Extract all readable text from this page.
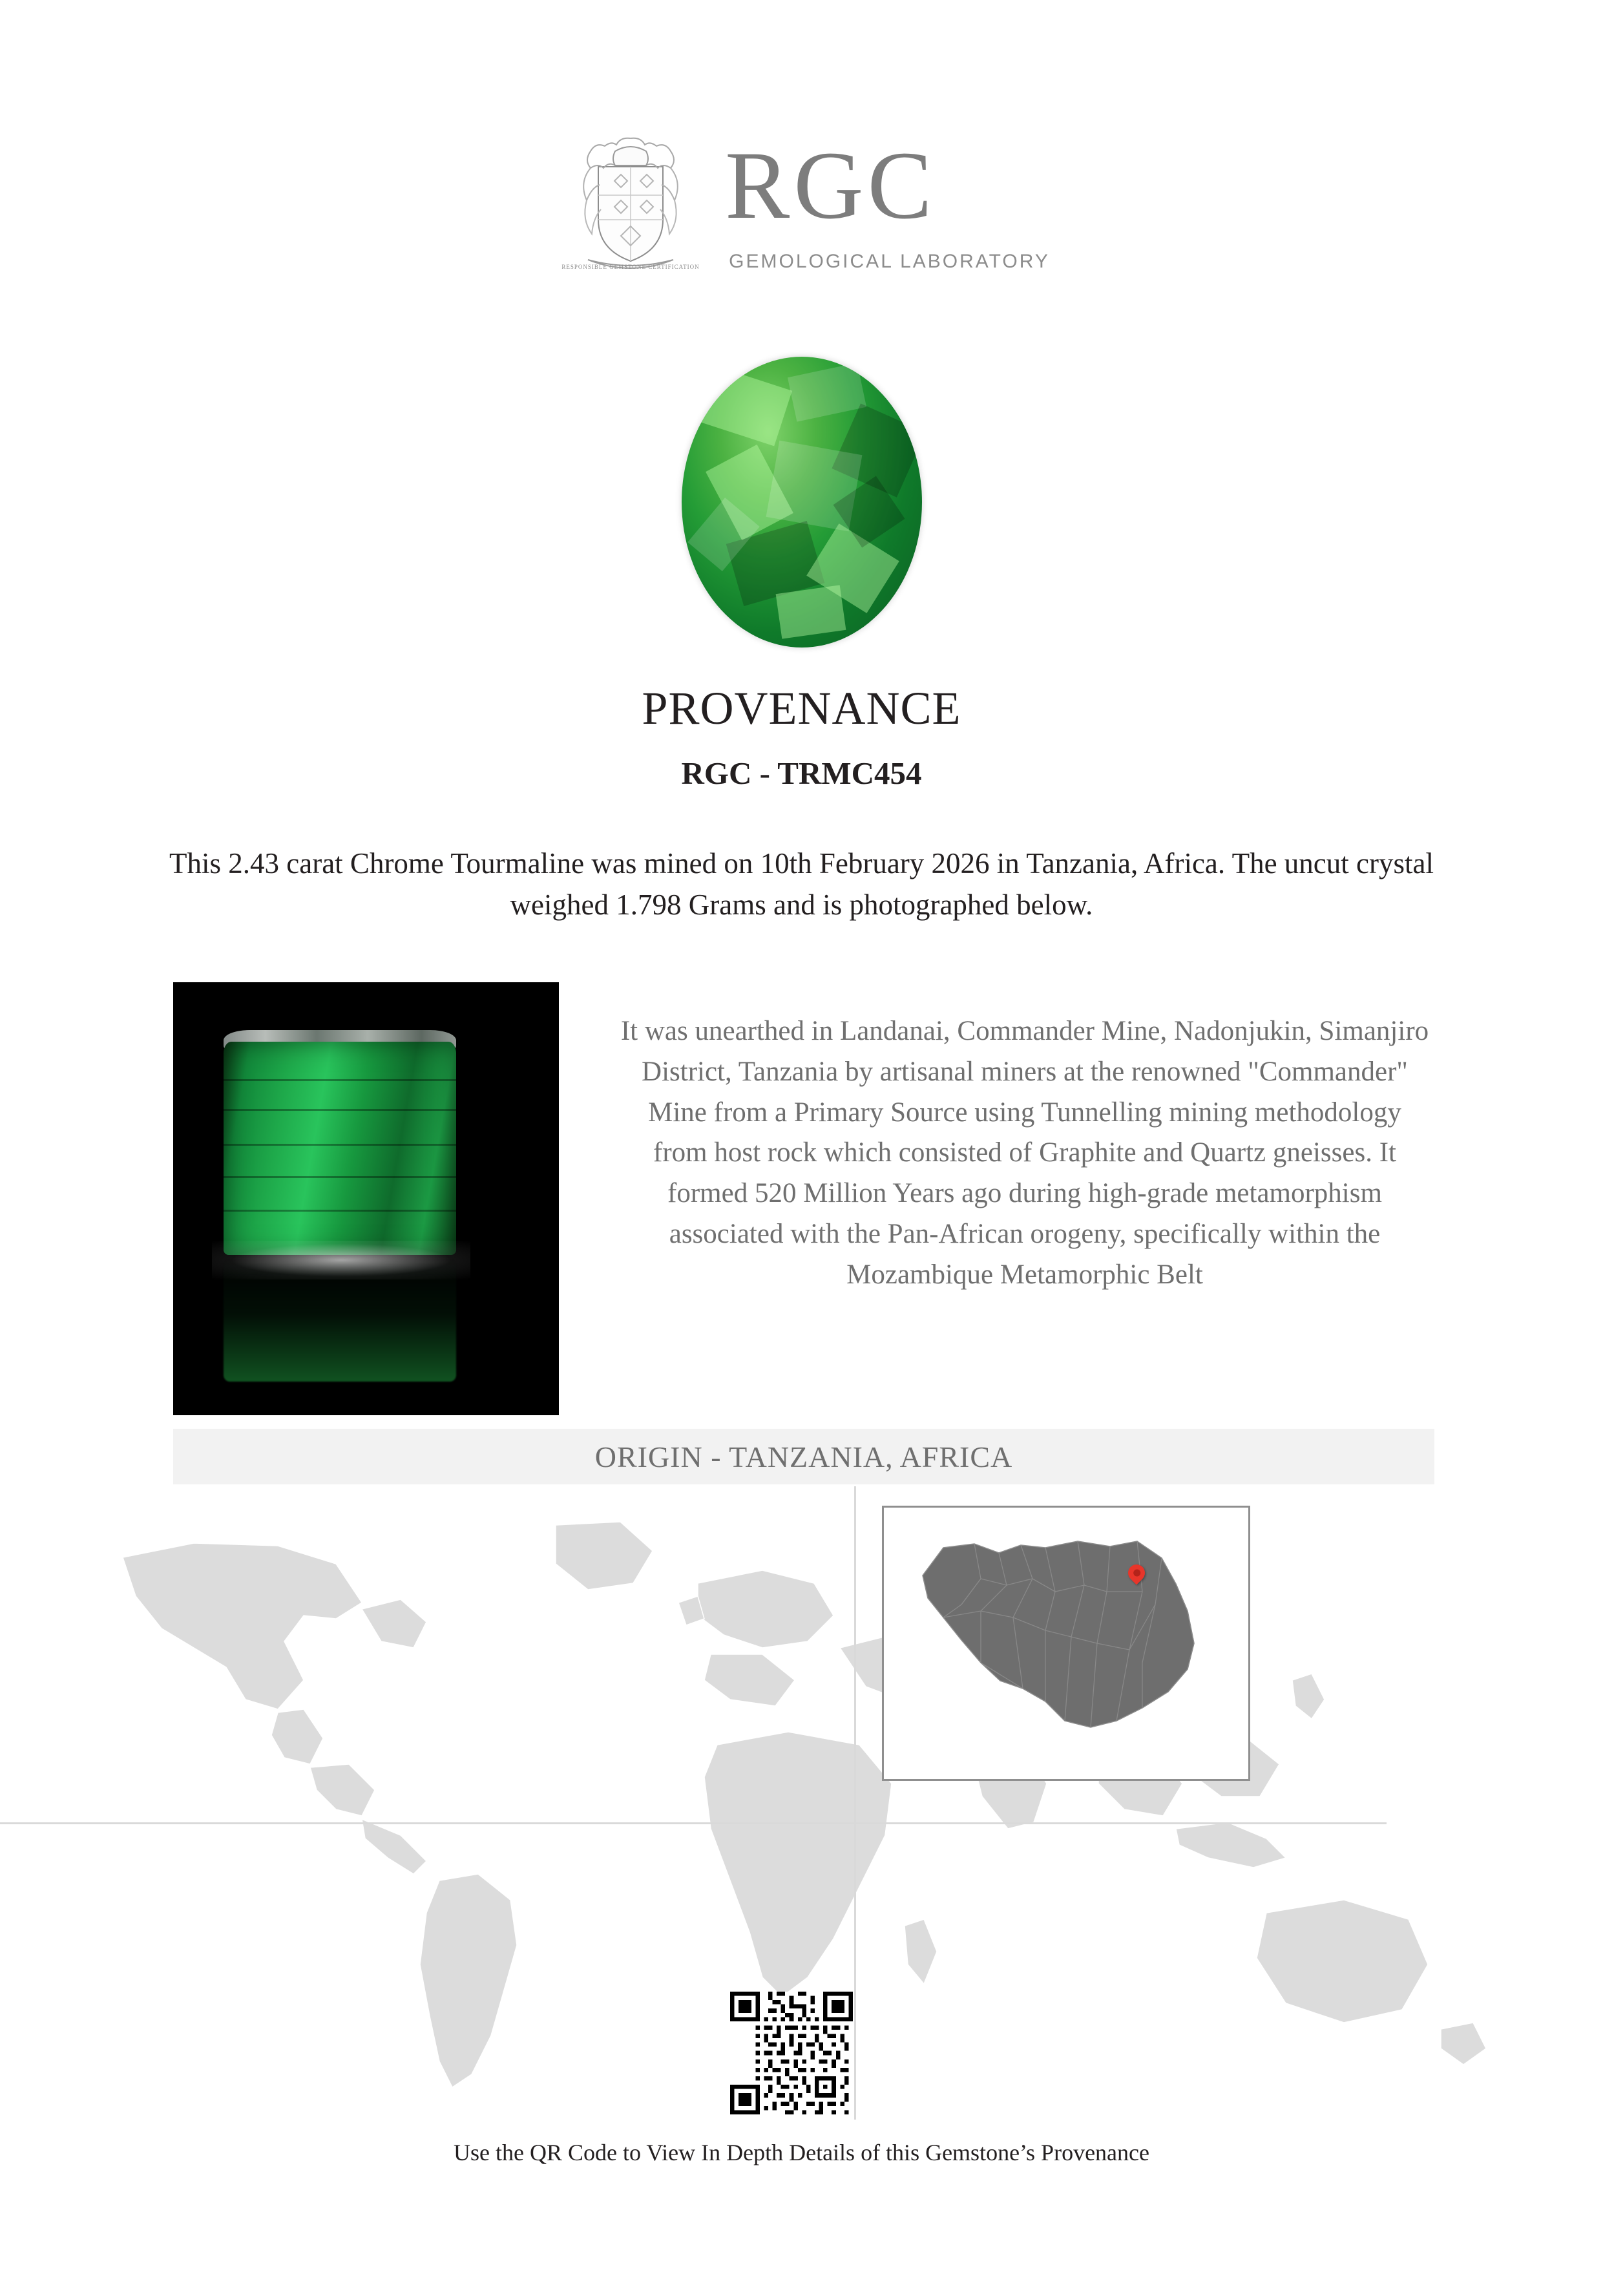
RESPONSIBLE GEMSTONE CERTIFICATION
RGC
GEMOLOGICAL LABORATORY
PROVENANCE
RGC - TRMC454
This 2.43 carat Chrome Tourmaline was mined on 10th February 2026 in Tanzania, Africa. The uncut crystal weighed 1.798 Grams and is photographed below.
It was unearthed in Landanai, Commander Mine, Nadonjukin, Simanjiro District, Tanzania by artisanal miners at the renowned "Commander" Mine from a Primary Source using Tunnelling mining methodology from host rock which consisted of Graphite and Quartz gneisses. It formed 520 Million Years ago during high-grade metamorphism associated with the Pan-African orogeny, specifically within the Mozambique Metamorphic Belt
ORIGIN - TANZANIA, AFRICA
Use the QR Code to View In Depth Details of this Gemstone’s Provenance
